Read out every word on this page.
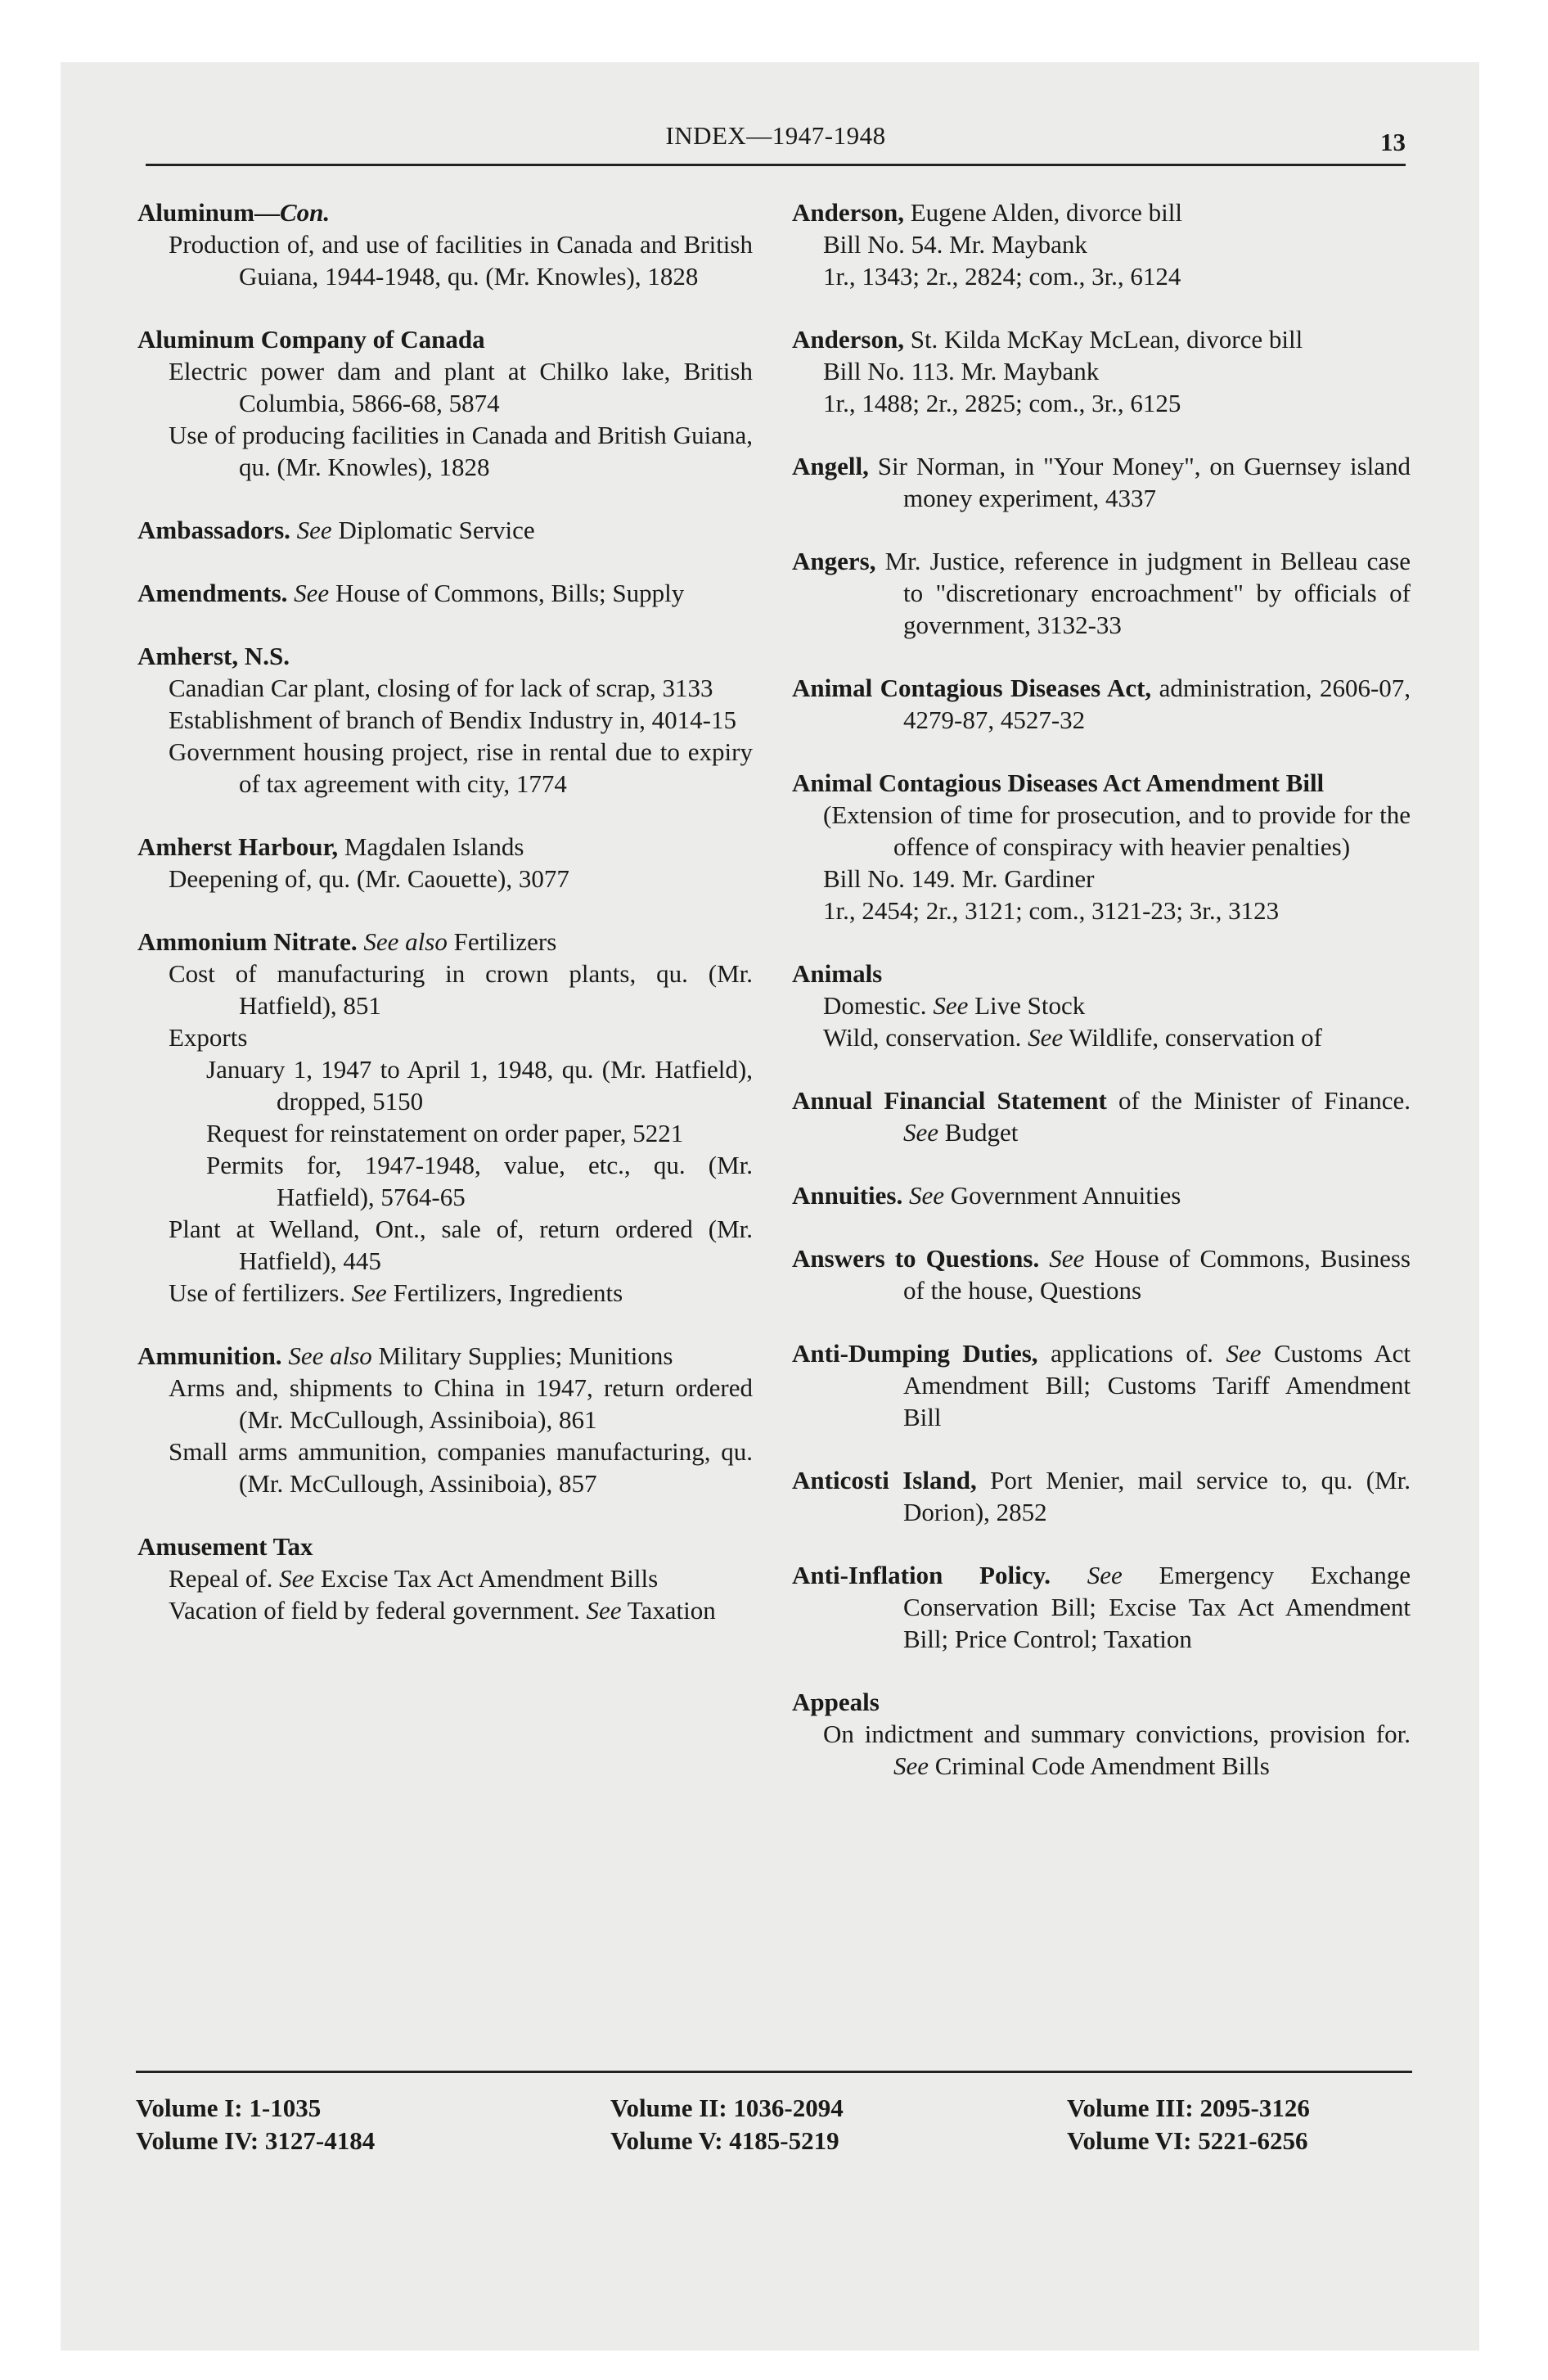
INDEX—1947-1948	13
Aluminum—Con.
Production of, and use of facilities in Canada and British Guiana, 1944-1948, qu. (Mr. Knowles), 1828
Aluminum Company of Canada
Electric power dam and plant at Chilko lake, British Columbia, 5866-68, 5874
Use of producing facilities in Canada and British Guiana, qu. (Mr. Knowles), 1828
Ambassadors. See Diplomatic Service
Amendments. See House of Commons, Bills; Supply
Amherst, N.S.
Canadian Car plant, closing of for lack of scrap, 3133
Establishment of branch of Bendix Industry in, 4014-15
Government housing project, rise in rental due to expiry of tax agreement with city, 1774
Amherst Harbour, Magdalen Islands
Deepening of, qu. (Mr. Caouette), 3077
Ammonium Nitrate. See also Fertilizers
Cost of manufacturing in crown plants, qu. (Mr. Hatfield), 851
Exports
January 1, 1947 to April 1, 1948, qu. (Mr. Hatfield), dropped, 5150
Request for reinstatement on order paper, 5221
Permits for, 1947-1948, value, etc., qu. (Mr. Hatfield), 5764-65
Plant at Welland, Ont., sale of, return ordered (Mr. Hatfield), 445
Use of fertilizers. See Fertilizers, Ingredients
Ammunition. See also Military Supplies; Munitions
Arms and, shipments to China in 1947, return ordered (Mr. McCullough, Assiniboia), 861
Small arms ammunition, companies manufacturing, qu. (Mr. McCullough, Assiniboia), 857
Amusement Tax
Repeal of. See Excise Tax Act Amendment Bills
Vacation of field by federal government. See Taxation
Anderson, Eugene Alden, divorce bill
Bill No. 54. Mr. Maybank
1r., 1343; 2r., 2824; com., 3r., 6124
Anderson, St. Kilda McKay McLean, divorce bill
Bill No. 113. Mr. Maybank
1r., 1488; 2r., 2825; com., 3r., 6125
Angell, Sir Norman, in "Your Money", on Guernsey island money experiment, 4337
Angers, Mr. Justice, reference in judgment in Belleau case to "discretionary encroachment" by officials of government, 3132-33
Animal Contagious Diseases Act, administration, 2606-07, 4279-87, 4527-32
Animal Contagious Diseases Act Amendment Bill
(Extension of time for prosecution, and to provide for the offence of conspiracy with heavier penalties)
Bill No. 149. Mr. Gardiner
1r., 2454; 2r., 3121; com., 3121-23; 3r., 3123
Animals
Domestic. See Live Stock
Wild, conservation. See Wildlife, conservation of
Annual Financial Statement of the Minister of Finance. See Budget
Annuities. See Government Annuities
Answers to Questions. See House of Commons, Business of the house, Questions
Anti-Dumping Duties, applications of. See Customs Act Amendment Bill; Customs Tariff Amendment Bill
Anticosti Island, Port Menier, mail service to, qu. (Mr. Dorion), 2852
Anti-Inflation Policy. See Emergency Exchange Conservation Bill; Excise Tax Act Amendment Bill; Price Control; Taxation
Appeals
On indictment and summary convictions, provision for. See Criminal Code Amendment Bills
Volume I: 1-1035
Volume IV: 3127-4184
Volume II: 1036-2094
Volume V: 4185-5219
Volume III: 2095-3126
Volume VI: 5221-6256
